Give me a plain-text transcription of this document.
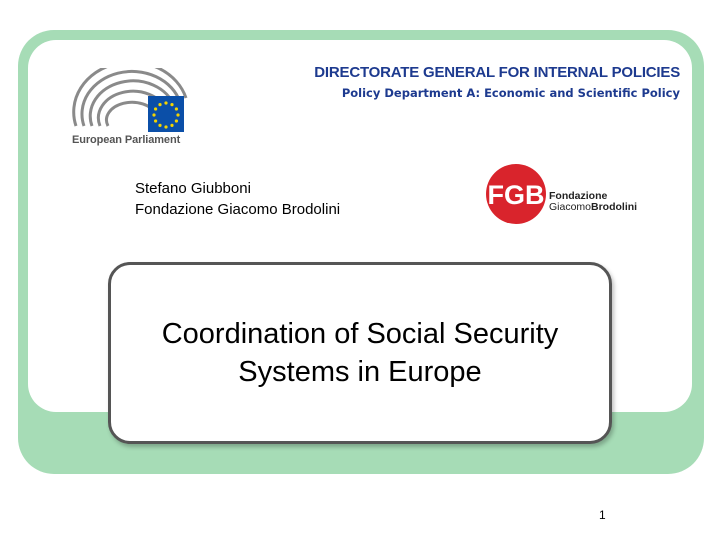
European Parliament
DIRECTORATE GENERAL FOR INTERNAL POLICIES
Policy Department A: Economic and Scientific Policy
Stefano Giubboni
Fondazione Giacomo Brodolini	FGB Fondazione
GiacomoBrodolini
Coordination of Social Security Systems in Europe
1
